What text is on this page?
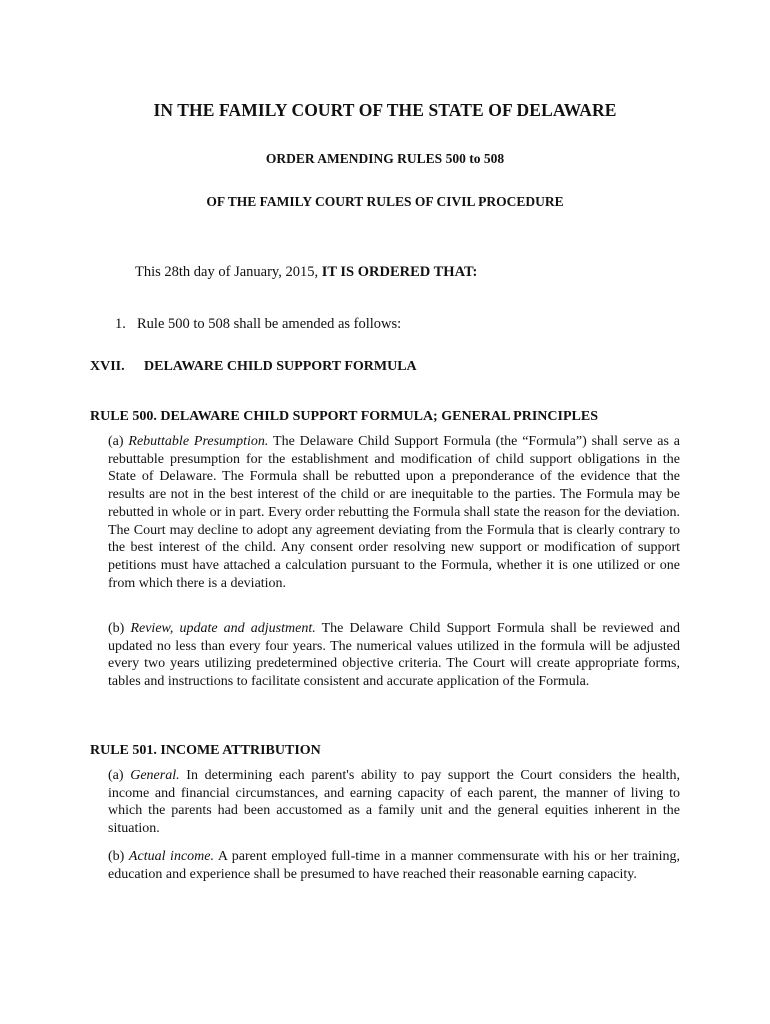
IN THE FAMILY COURT OF THE STATE OF DELAWARE
ORDER AMENDING RULES 500 to 508
OF THE FAMILY COURT RULES OF CIVIL PROCEDURE
This 28th day of January, 2015, IT IS ORDERED THAT:
1. Rule 500 to 508 shall be amended as follows:
XVII. DELAWARE CHILD SUPPORT FORMULA
RULE 500. DELAWARE CHILD SUPPORT FORMULA; GENERAL PRINCIPLES

(a) Rebuttable Presumption. The Delaware Child Support Formula (the “Formula”) shall serve as a rebuttable presumption for the establishment and modification of child support obligations in the State of Delaware. The Formula shall be rebutted upon a preponderance of the evidence that the results are not in the best interest of the child or are inequitable to the parties. The Formula may be rebutted in whole or in part. Every order rebutting the Formula shall state the reason for the deviation. The Court may decline to adopt any agreement deviating from the Formula that is clearly contrary to the best interest of the child. Any consent order resolving new support or modification of support petitions must have attached a calculation pursuant to the Formula, whether it is one utilized or one from which there is a deviation.

(b) Review, update and adjustment. The Delaware Child Support Formula shall be reviewed and updated no less than every four years. The numerical values utilized in the formula will be adjusted every two years utilizing predetermined objective criteria. The Court will create appropriate forms, tables and instructions to facilitate consistent and accurate application of the Formula.

RULE 501. INCOME ATTRIBUTION

(a) General. In determining each parent's ability to pay support the Court considers the health, income and financial circumstances, and earning capacity of each parent, the manner of living to which the parents had been accustomed as a family unit and the general equities inherent in the situation.

(b) Actual income. A parent employed full-time in a manner commensurate with his or her training, education and experience shall be presumed to have reached their reasonable earning capacity.
